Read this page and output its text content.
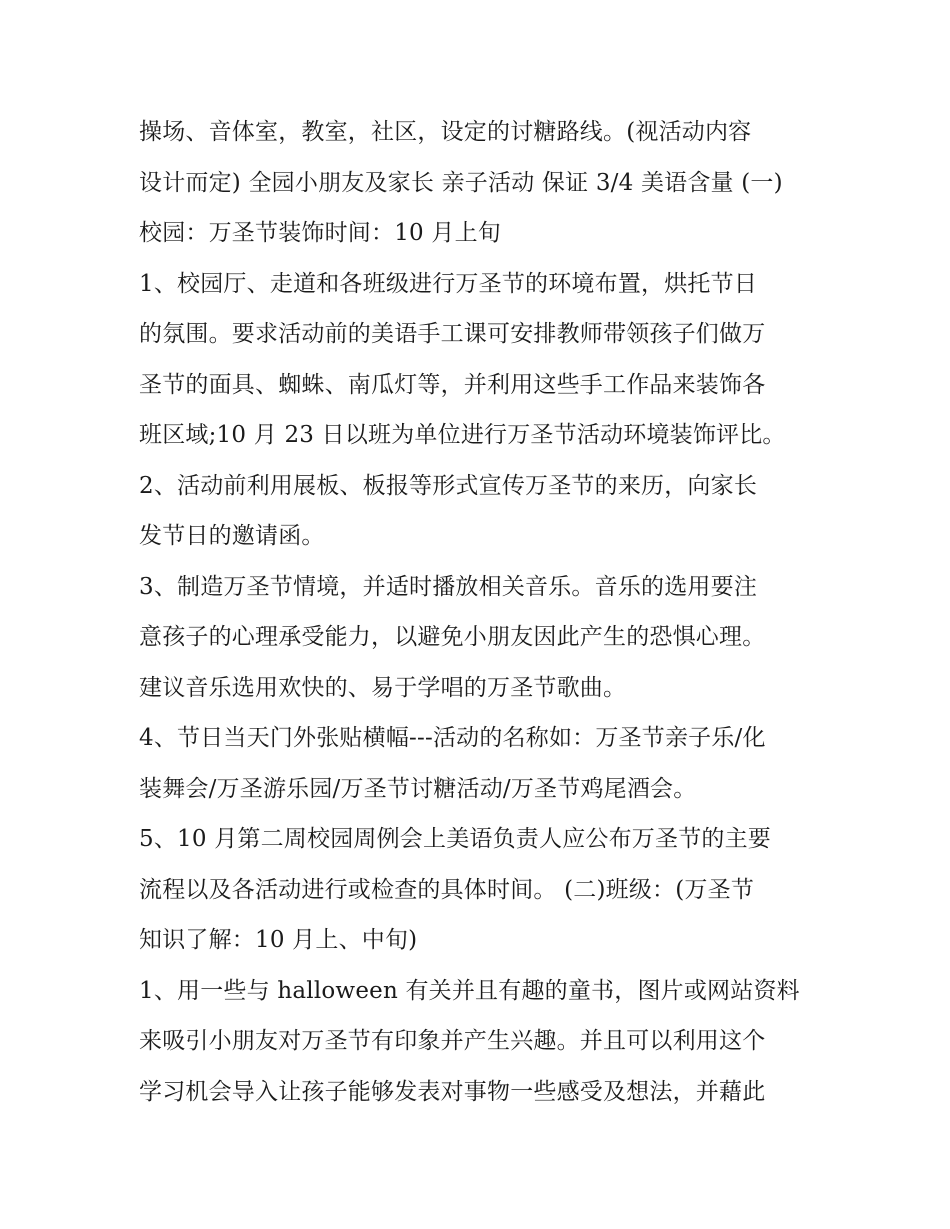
操场、音体室，教室，社区，设定的讨糖路线。(视活动内容
设计而定) 全园小朋友及家长 亲子活动 保证 3/4 美语含量 (一)
校园：万圣节装饰时间：10 月上旬
1、校园厅、走道和各班级进行万圣节的环境布置，烘托节日
的氛围。要求活动前的美语手工课可安排教师带领孩子们做万
圣节的面具、蜘蛛、南瓜灯等，并利用这些手工作品来装饰各
班区域;10 月 23 日以班为单位进行万圣节活动环境装饰评比。
2、活动前利用展板、板报等形式宣传万圣节的来历，向家长
发节日的邀请函。
3、制造万圣节情境，并适时播放相关音乐。音乐的选用要注
意孩子的心理承受能力，以避免小朋友因此产生的恐惧心理。
建议音乐选用欢快的、易于学唱的万圣节歌曲。
4、节日当天门外张贴横幅---活动的名称如：万圣节亲子乐/化
装舞会/万圣游乐园/万圣节讨糖活动/万圣节鸡尾酒会。
5、10 月第二周校园周例会上美语负责人应公布万圣节的主要
流程以及各活动进行或检查的具体时间。 (二)班级：(万圣节
知识了解：10 月上、中旬)
1、用一些与 halloween 有关并且有趣的童书，图片或网站资料
来吸引小朋友对万圣节有印象并产生兴趣。并且可以利用这个
学习机会导入让孩子能够发表对事物一些感受及想法，并藉此
